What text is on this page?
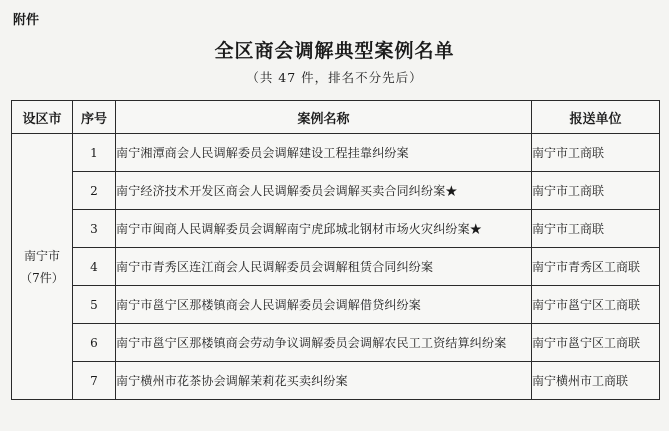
附件
全区商会调解典型案例名单
（共 47 件，排名不分先后）
设区市	序号	案例名称	报送单位

南宁市
（7件）	1	南宁湘潭商会人民调解委员会调解建设工程挂靠纠纷案	南宁市工商联
	2	南宁经济技术开发区商会人民调解委员会调解买卖合同纠纷案★	南宁市工商联
	3	南宁市闽商人民调解委员会调解南宁虎邱城北钢材市场火灾纠纷案★	南宁市工商联
	4	南宁市青秀区连江商会人民调解委员会调解租赁合同纠纷案	南宁市青秀区工商联
	5	南宁市邕宁区那楼镇商会人民调解委员会调解借贷纠纷案	南宁市邕宁区工商联
	6	南宁市邕宁区那楼镇商会劳动争议调解委员会调解农民工工资结算纠纷案	南宁市邕宁区工商联
	7	南宁横州市花茶协会调解茉莉花买卖纠纷案	南宁横州市工商联
